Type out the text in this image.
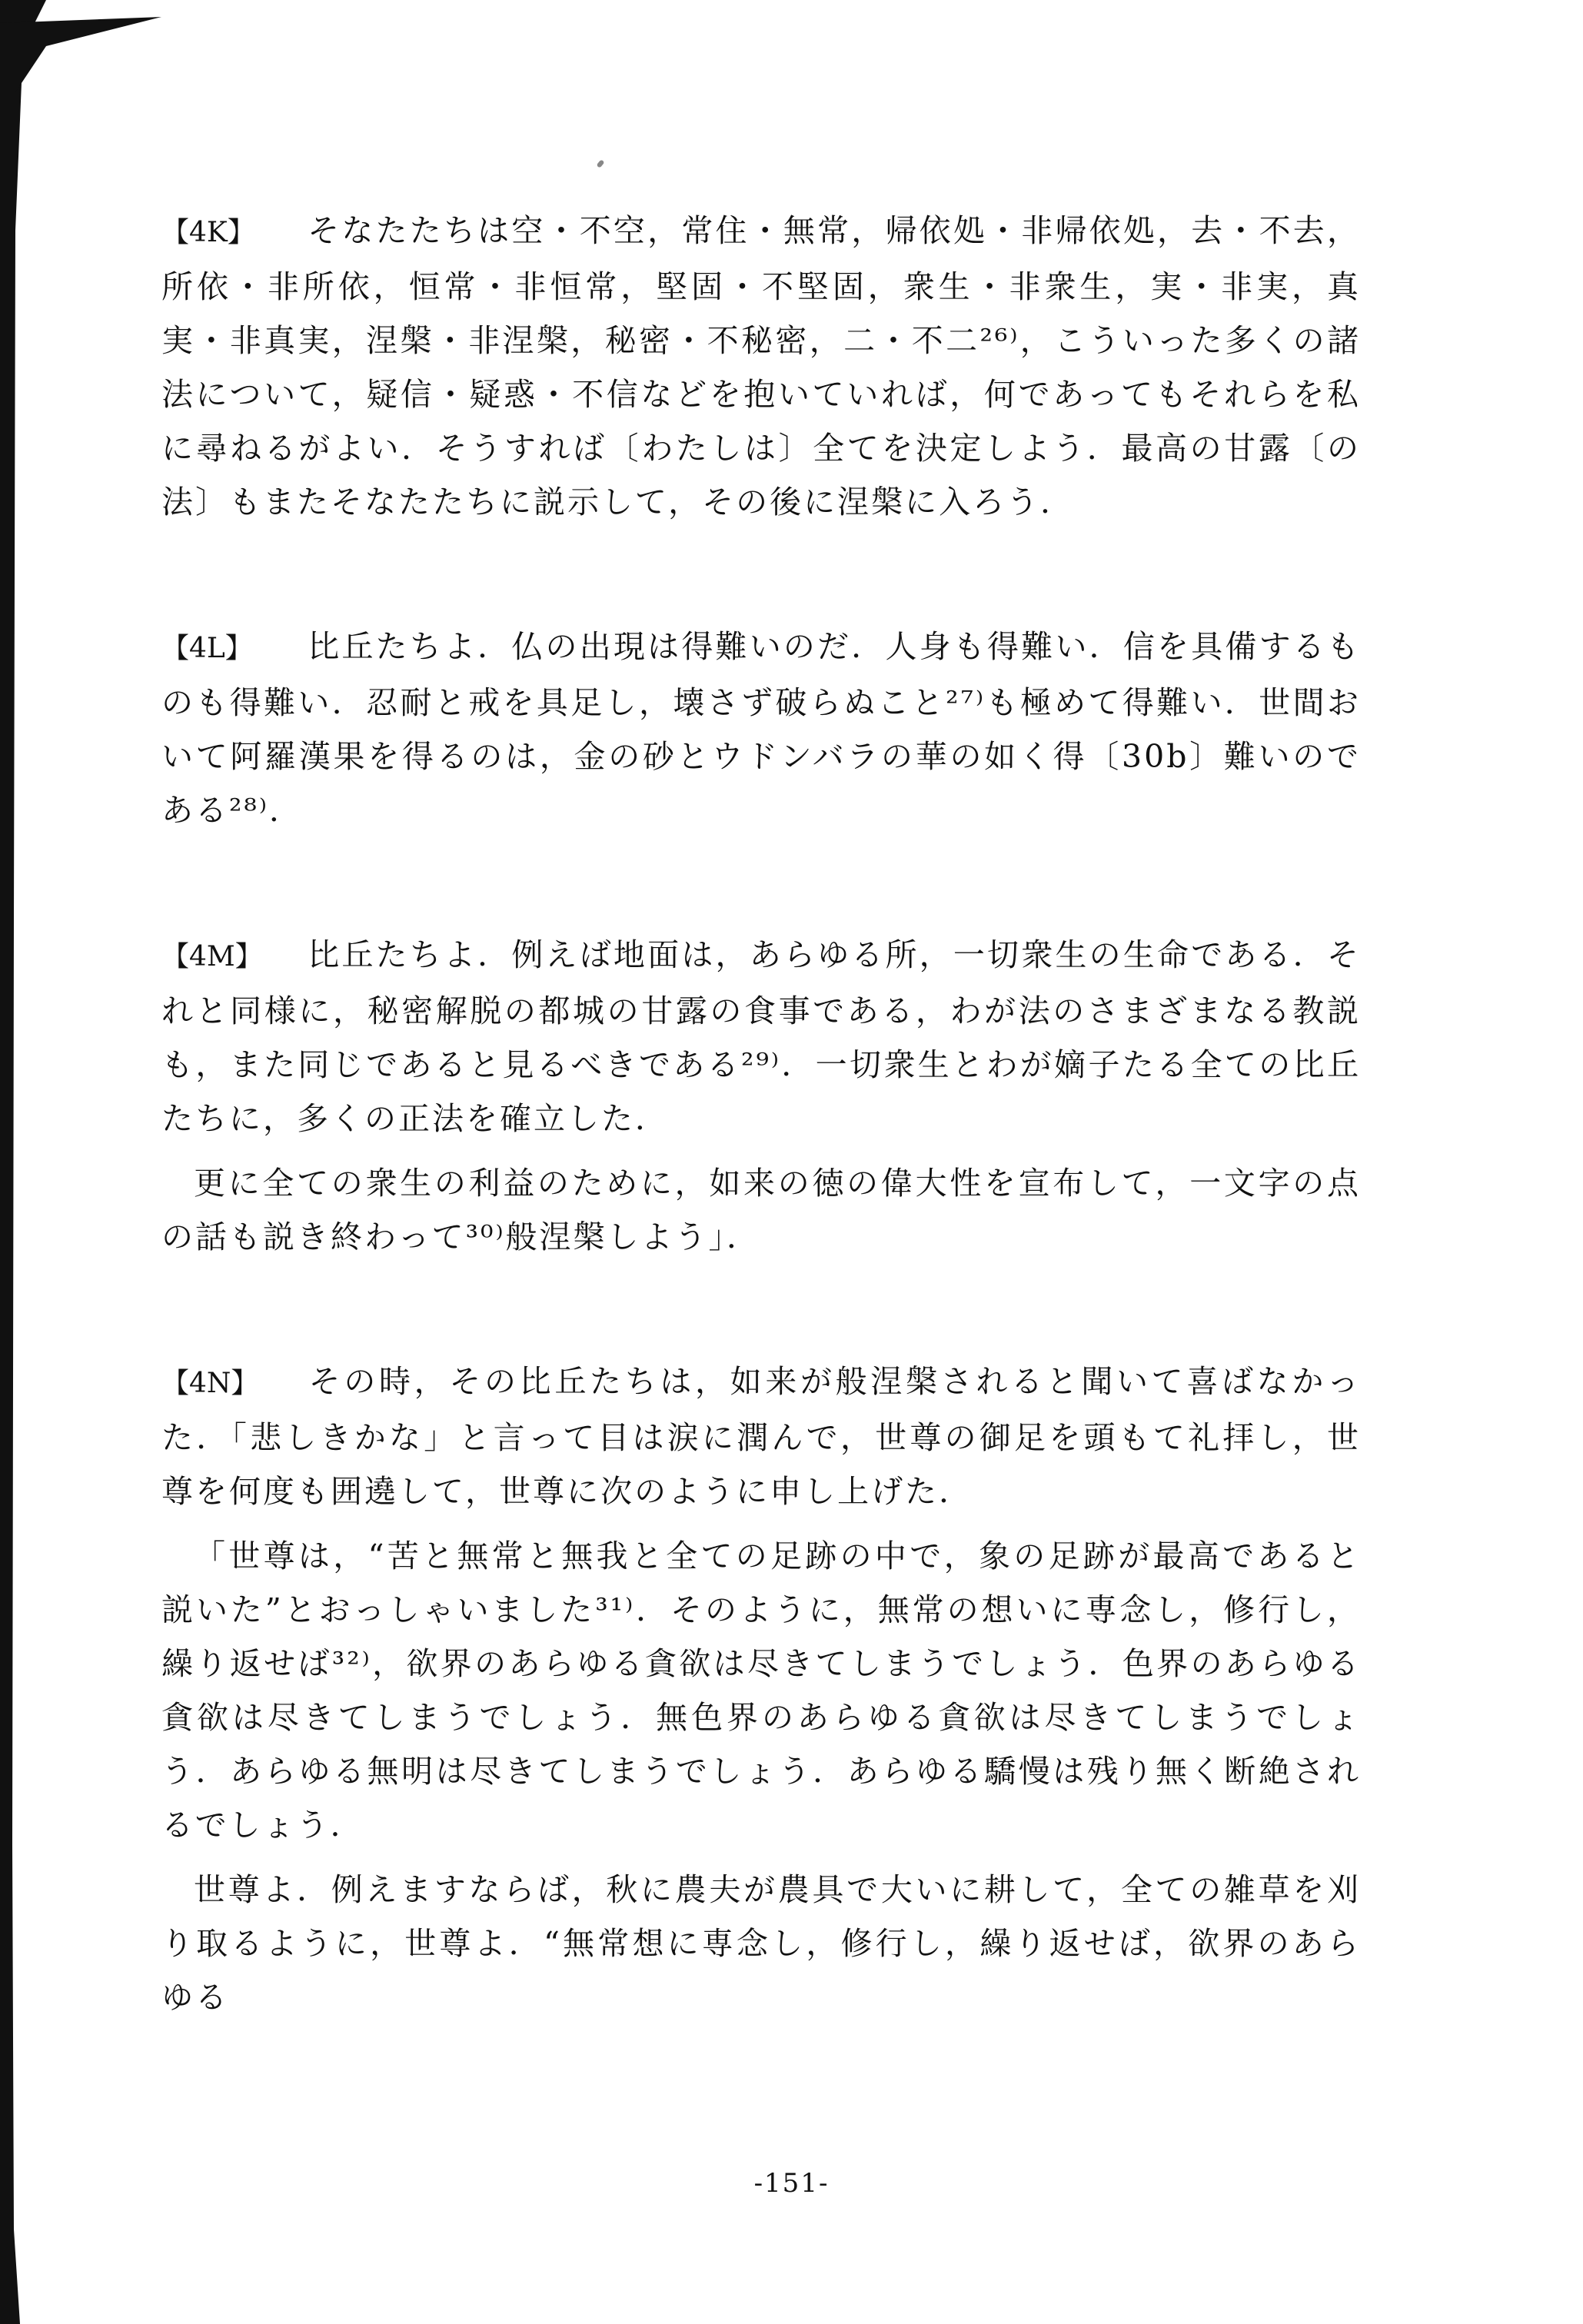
【4K】 そなたたちは空・不空，常住・無常，帰依処・非帰依処，去・不去，所依・非所依，恒常・非恒常，堅固・不堅固，衆生・非衆生，実・非実，真実・非真実，涅槃・非涅槃，秘密・不秘密，二・不二²⁶⁾，こういった多くの諸法について，疑信・疑惑・不信などを抱いていれば，何であってもそれらを私に尋ねるがよい．そうすれば〔わたしは〕全てを決定しよう．最高の甘露〔の法〕もまたそなたたちに説示して，その後に涅槃に入ろう．

【4L】 比丘たちよ．仏の出現は得難いのだ．人身も得難い．信を具備するものも得難い．忍耐と戒を具足し，壊さず破らぬこと²⁷⁾も極めて得難い．世間おいて阿羅漢果を得るのは，金の砂とウドンバラの華の如く得〔30b〕難いのである²⁸⁾．

【4M】 比丘たちよ．例えば地面は，あらゆる所，一切衆生の生命である．それと同様に，秘密解脱の都城の甘露の食事である，わが法のさまざまなる教説も，また同じであると見るべきである²⁹⁾．一切衆生とわが嫡子たる全ての比丘たちに，多くの正法を確立した．

更に全ての衆生の利益のために，如来の徳の偉大性を宣布して，一文字の点の話も説き終わって³⁰⁾般涅槃しよう」．

【4N】 その時，その比丘たちは，如来が般涅槃されると聞いて喜ばなかった．「悲しきかな」と言って目は涙に潤んで，世尊の御足を頭もて礼拝し，世尊を何度も囲遶して，世尊に次のように申し上げた．

「世尊は，“苦と無常と無我と全ての足跡の中で，象の足跡が最高であると説いた”とおっしゃいました³¹⁾．そのように，無常の想いに専念し，修行し，繰り返せば³²⁾，欲界のあらゆる貪欲は尽きてしまうでしょう．色界のあらゆる貪欲は尽きてしまうでしょう．無色界のあらゆる貪欲は尽きてしまうでしょう．あらゆる無明は尽きてしまうでしょう．あらゆる驕慢は残り無く断絶されるでしょう．

世尊よ．例えますならば，秋に農夫が農具で大いに耕して，全ての雑草を刈り取るように，世尊よ．“無常想に専念し，修行し，繰り返せば，欲界のあらゆる

-151-
